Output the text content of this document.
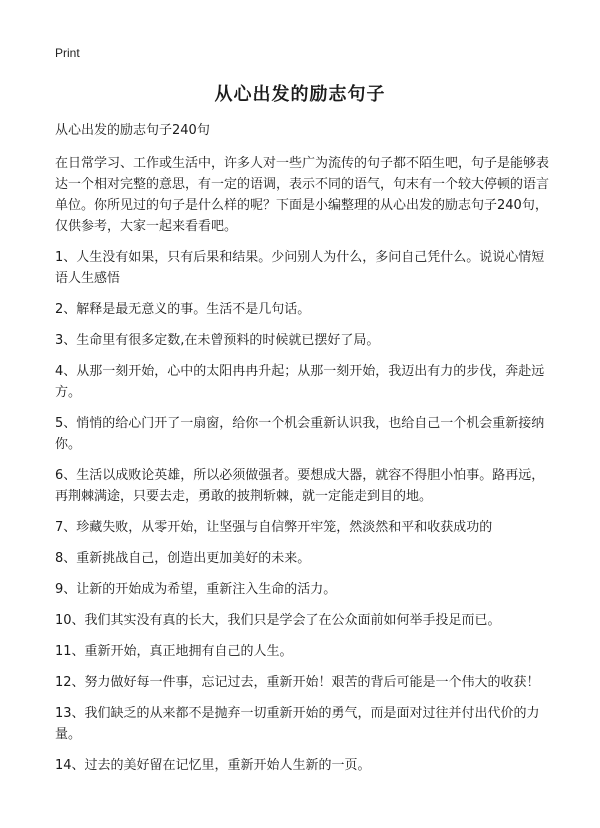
Print
从心出发的励志句子

从心出发的励志句子240句

在日常学习、工作或生活中，许多人对一些广为流传的句子都不陌生吧，句子是能够表达一个相对完整的意思，有一定的语调，表示不同的语气，句末有一个较大停顿的语言单位。你所见过的句子是什么样的呢？下面是小编整理的从心出发的励志句子240句，仅供参考，大家一起来看看吧。

1、人生没有如果，只有后果和结果。少问别人为什么，多问自己凭什么。说说心情短语人生感悟

2、解释是最无意义的事。生活不是几句话。

3、生命里有很多定数,在未曾预料的时候就已摆好了局。

4、从那一刻开始，心中的太阳冉冉升起；从那一刻开始，我迈出有力的步伐，奔赴远方。

5、悄悄的给心门开了一扇窗，给你一个机会重新认识我，也给自己一个机会重新接纳你。

6、生活以成败论英雄，所以必须做强者。要想成大器，就容不得胆小怕事。路再远，再荆棘满途，只要去走，勇敢的披荆斩棘，就一定能走到目的地。

7、珍藏失败，从零开始，让坚强与自信弊开牢笼，然淡然和平和收获成功的

8、重新挑战自己，创造出更加美好的未来。

9、让新的开始成为希望，重新注入生命的活力。

10、我们其实没有真的长大，我们只是学会了在公众面前如何举手投足而已。

11、重新开始，真正地拥有自己的人生。

12、努力做好每一件事，忘记过去，重新开始！艰苦的背后可能是一个伟大的收获！

13、我们缺乏的从来都不是抛弃一切重新开始的勇气，而是面对过往并付出代价的力量。

14、过去的美好留在记忆里，重新开始人生新的一页。
